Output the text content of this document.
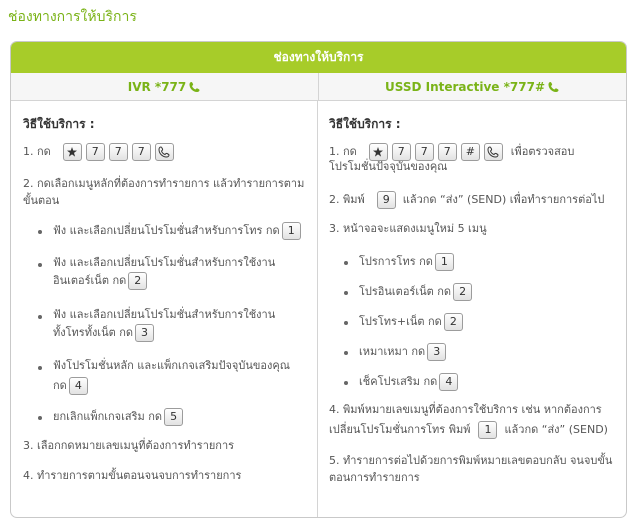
ช่องทางการให้บริการ
ช่องทางให้บริการ
IVR *777	USSD Interactive *777#
วิธีใช้บริการ :
1. กด	7	7	7
2. กดเลือกเมนูหลักที่ต้องการทำรายการ แล้วทำรายการตาม
ขั้นตอน
ฟัง และเลือกเปลี่ยนโปรโมชั่นสำหรับการโทร กด 1
ฟัง และเลือกเปลี่ยนโปรโมชั่นสำหรับการใช้งาน
อินเตอร์เน็ต กด 2
ฟัง และเลือกเปลี่ยนโปรโมชั่นสำหรับการใช้งาน
ทั้งโทรทั้งเน็ต กด 3
ฟังโปรโมชั่นหลัก และแพ็กเกจเสริมปัจจุบันของคุณ
กด 4
ยกเลิกแพ็กเกจเสริม กด 5
3. เลือกกดหมายเลขเมนูที่ต้องการทำรายการ
4. ทำรายการตามขั้นตอนจนจบการทำรายการ
วิธีใช้บริการ :
1. กด	7	7	7	#	เพื่อตรวจสอบ
โปรโมชั่นปัจจุบันของคุณ
2. พิมพ์	9	แล้วกด “ส่ง” (SEND) เพื่อทำรายการต่อไป
3. หน้าจอจะแสดงเมนูใหม่ 5 เมนู
โปรการโทร กด 1
โปรอินเตอร์เน็ต กด 2
โปรโทร+เน็ต กด 2
เหมาเหมา กด 3
เช็คโปรเสริม กด 4
4. พิมพ์หมายเลขเมนูที่ต้องการใช้บริการ เช่น หากต้องการ
เปลี่ยนโปรโมชั่นการโทร พิมพ์	1	แล้วกด “ส่ง” (SEND)
5. ทำรายการต่อไปด้วยการพิมพ์หมายเลขตอบกลับ จนจบขั้น
ตอนการทำรายการ
